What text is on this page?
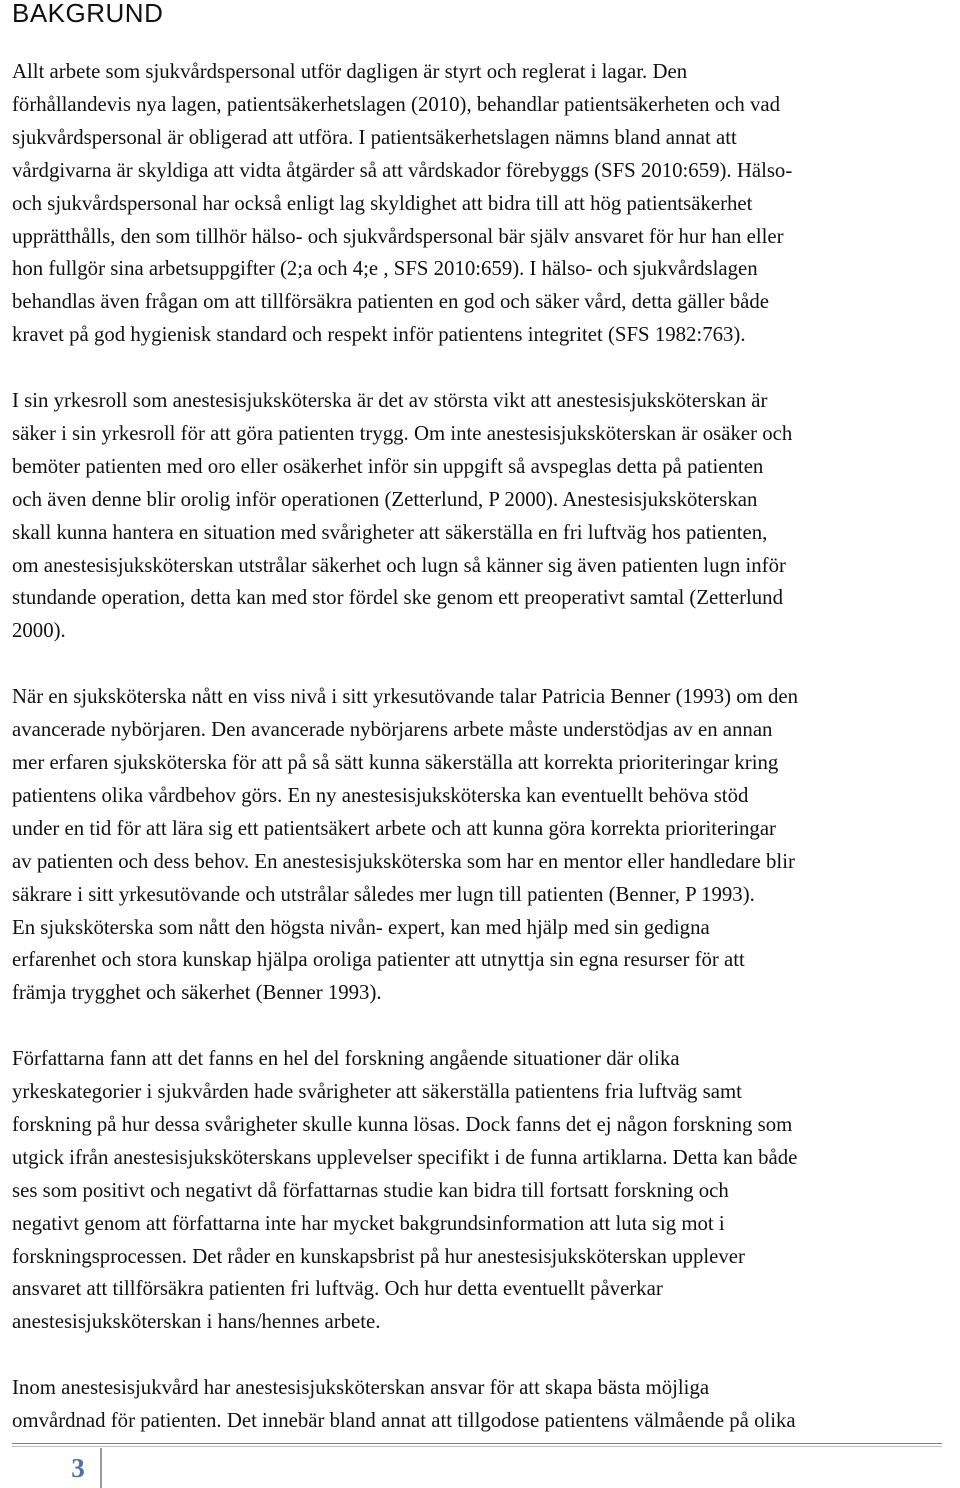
BAKGRUND

Allt arbete som sjukvårdspersonal utför dagligen är styrt och reglerat i lagar. Den
förhållandevis nya lagen, patientsäkerhetslagen (2010), behandlar patientsäkerheten och vad
sjukvårdspersonal är obligerad att utföra. I patientsäkerhetslagen nämns bland annat att
vårdgivarna är skyldiga att vidta åtgärder så att vårdskador förebyggs (SFS 2010:659). Hälso-
och sjukvårdspersonal har också enligt lag skyldighet att bidra till att hög patientsäkerhet
upprätthålls, den som tillhör hälso- och sjukvårdspersonal bär själv ansvaret för hur han eller
hon fullgör sina arbetsuppgifter (2;a och 4;e , SFS 2010:659). I hälso- och sjukvårdslagen
behandlas även frågan om att tillförsäkra patienten en god och säker vård, detta gäller både
kravet på god hygienisk standard och respekt inför patientens integritet (SFS 1982:763).

I sin yrkesroll som anestesisjuksköterska är det av största vikt att anestesisjuksköterskan är
säker i sin yrkesroll för att göra patienten trygg. Om inte anestesisjuksköterskan är osäker och
bemöter patienten med oro eller osäkerhet inför sin uppgift så avspeglas detta på patienten
och även denne blir orolig inför operationen (Zetterlund, P 2000). Anestesisjuksköterskan
skall kunna hantera en situation med svårigheter att säkerställa en fri luftväg hos patienten,
om anestesisjuksköterskan utstrålar säkerhet och lugn så känner sig även patienten lugn inför
stundande operation, detta kan med stor fördel ske genom ett preoperativt samtal (Zetterlund
2000).

När en sjuksköterska nått en viss nivå i sitt yrkesutövande talar Patricia Benner (1993) om den
avancerade nybörjaren. Den avancerade nybörjarens arbete måste understödjas av en annan
mer erfaren sjuksköterska för att på så sätt kunna säkerställa att korrekta prioriteringar kring
patientens olika vårdbehov görs. En ny anestesisjuksköterska kan eventuellt behöva stöd
under en tid för att lära sig ett patientsäkert arbete och att kunna göra korrekta prioriteringar
av patienten och dess behov. En anestesisjuksköterska som har en mentor eller handledare blir
säkrare i sitt yrkesutövande och utstrålar således mer lugn till patienten (Benner, P 1993).

En sjuksköterska som nått den högsta nivån- expert, kan med hjälp med sin gedigna
erfarenhet och stora kunskap hjälpa oroliga patienter att utnyttja sin egna resurser för att
främja trygghet och säkerhet (Benner 1993).

Författarna fann att det fanns en hel del forskning angående situationer där olika
yrkeskategorier i sjukvården hade svårigheter att säkerställa patientens fria luftväg samt
forskning på hur dessa svårigheter skulle kunna lösas. Dock fanns det ej någon forskning som
utgick ifrån anestesisjuksköterskans upplevelser specifikt i de funna artiklarna. Detta kan både
ses som positivt och negativt då författarnas studie kan bidra till fortsatt forskning och
negativt genom att författarna inte har mycket bakgrundsinformation att luta sig mot i
forskningsprocessen. Det råder en kunskapsbrist på hur anestesisjuksköterskan upplever
ansvaret att tillförsäkra patienten fri luftväg. Och hur detta eventuellt påverkar
anestesisjuksköterskan i hans/hennes arbete.

Inom anestesisjukvård har anestesisjuksköterskan ansvar för att skapa bästa möjliga
omvårdnad för patienten. Det innebär bland annat att tillgodose patientens välmående på olika

3
